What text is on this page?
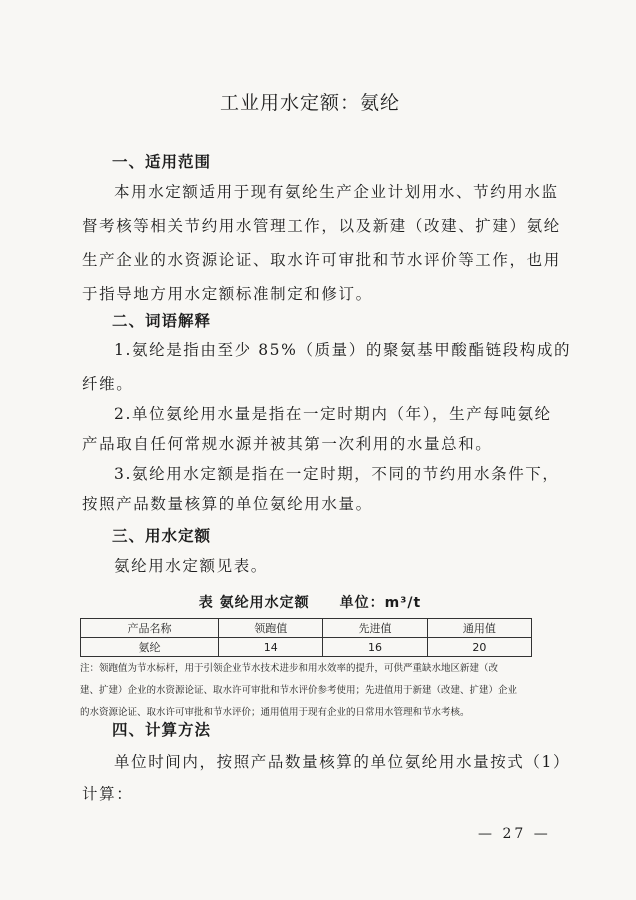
工业用水定额：氨纶
一、适用范围
本用水定额适用于现有氨纶生产企业计划用水、节约用水监
督考核等相关节约用水管理工作，以及新建（改建、扩建）氨纶
生产企业的水资源论证、取水许可审批和节水评价等工作，也用
于指导地方用水定额标准制定和修订。
二、词语解释
1.氨纶是指由至少 85%（质量）的聚氨基甲酸酯链段构成的
纤维。
2.单位氨纶用水量是指在一定时期内（年），生产每吨氨纶
产品取自任何常规水源并被其第一次利用的水量总和。
3.氨纶用水定额是指在一定时期，不同的节约用水条件下，
按照产品数量核算的单位氨纶用水量。
三、用水定额
氨纶用水定额见表。
表 氨纶用水定额 单位：m³/t
产品名称	领跑值	先进值	通用值
氨纶	14	16	20
注：领跑值为节水标杆，用于引领企业节水技术进步和用水效率的提升，可供严重缺水地区新建（改
建、扩建）企业的水资源论证、取水许可审批和节水评价参考使用；先进值用于新建（改建、扩建）企业
的水资源论证、取水许可审批和节水评价；通用值用于现有企业的日常用水管理和节水考核。
四、计算方法
单位时间内，按照产品数量核算的单位氨纶用水量按式（1）
计算：
— 27 —
